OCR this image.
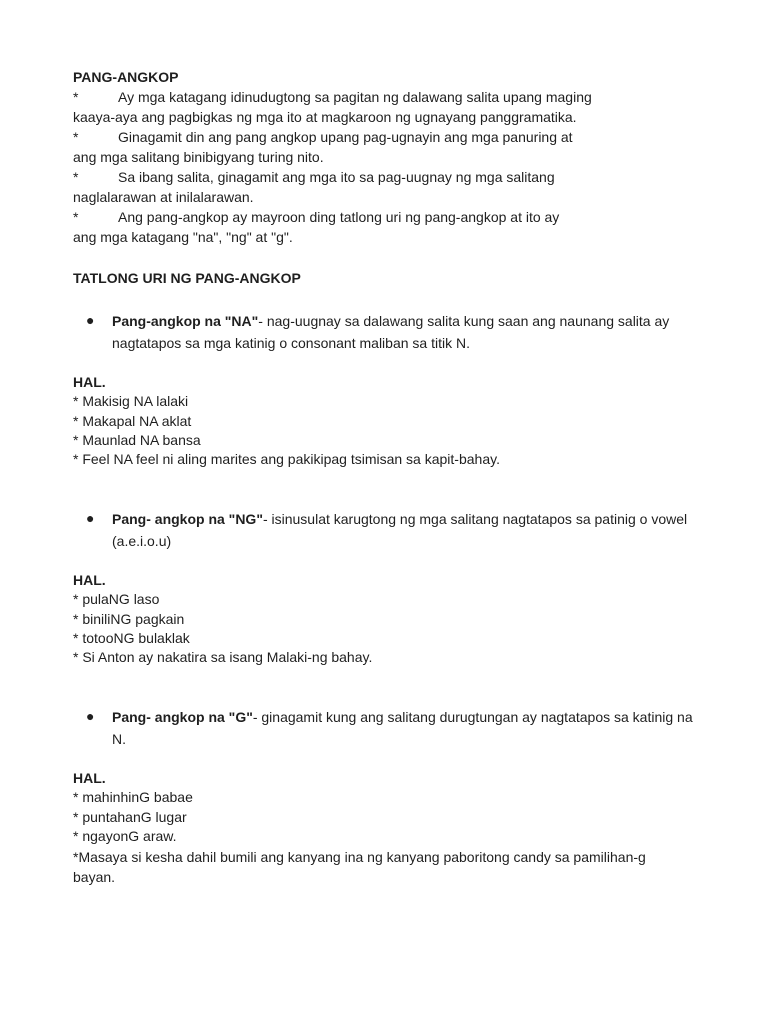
PANG-ANGKOP

*	Ay mga katagang idinudugtong sa pagitan ng dalawang salita upang maging

kaaya-aya ang pagbigkas ng mga ito at magkaroon ng ugnayang panggramatika.

*	Ginagamit din ang pang angkop upang pag-ugnayin ang mga panuring at

ang mga salitang binibigyang turing nito.

*	Sa ibang salita, ginagamit ang mga ito sa pag-uugnay ng mga salitang

naglalarawan at inilalarawan.

*	Ang pang-angkop ay mayroon ding tatlong uri ng pang-angkop at ito ay

ang mga katagang "na", "ng" at "g".

TATLONG URI NG PANG-ANGKOP

●	Pang-angkop na "NA"- nag-uugnay sa dalawang salita kung saan ang naunang salita ay nagtatapos sa mga katinig o consonant maliban sa titik N.

HAL.

* Makisig NA lalaki

* Makapal NA aklat

* Maunlad NA bansa

* Feel NA feel ni aling marites ang pakikipag tsimisan sa kapit-bahay.

●	Pang- angkop na "NG"- isinusulat karugtong ng mga salitang nagtatapos sa patinig o vowel (a.e.i.o.u)

HAL.

* pulaNG laso

* biniliNG pagkain

* totooNG bulaklak

* Si Anton ay nakatira sa isang Malaki-ng bahay.

●	Pang- angkop na "G"- ginagamit kung ang salitang durugtungan ay nagtatapos sa katinig na N.

HAL.

* mahinhinG babae

* puntahanG lugar

* ngayonG araw.

*Masaya si kesha dahil bumili ang kanyang ina ng kanyang paboritong candy sa pamilihan-g bayan.
